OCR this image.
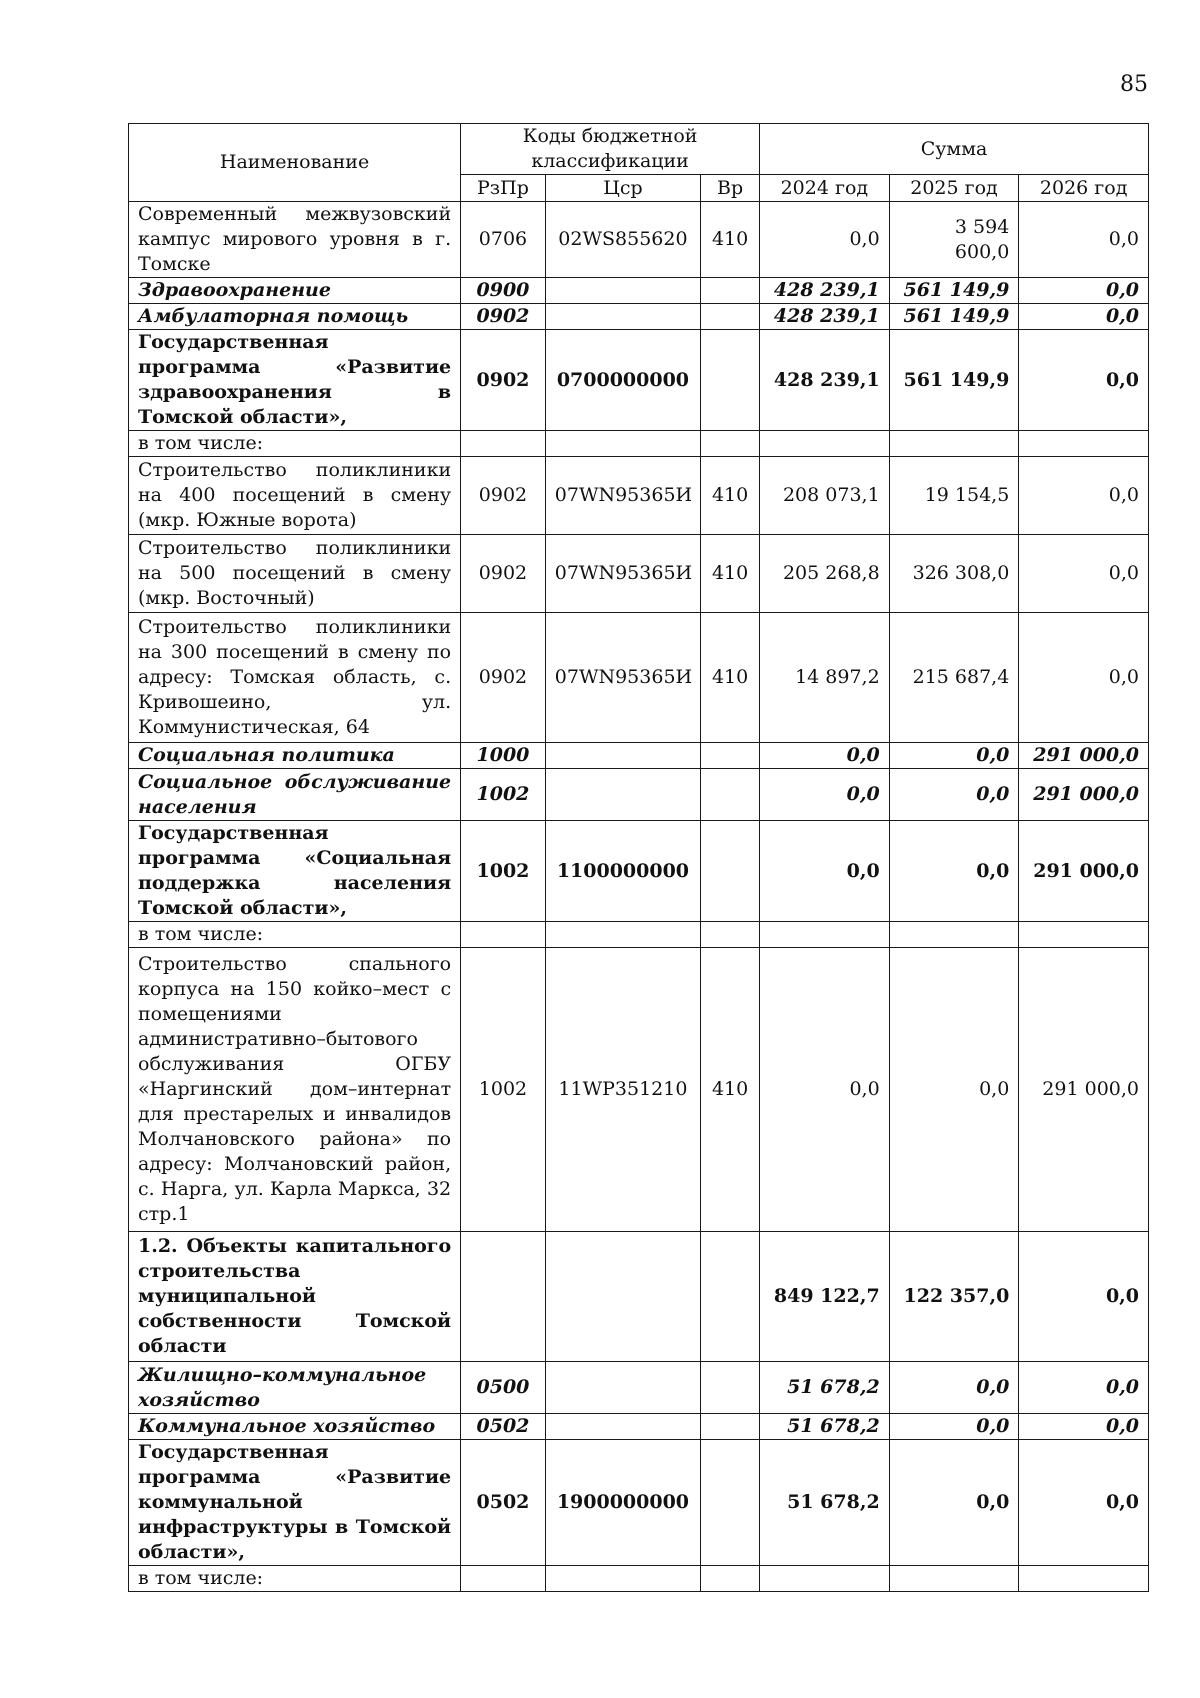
85
Наименование	Коды бюджетной классификации			Сумма		
	РзПр	Цср	Вр	2024 год	2025 год	2026 год
Современный межвузовский кампус мирового уровня в г. Томске	0706	02WS855620	410	0,0	3 594 600,0	0,0
Здравоохранение	0900			428 239,1	561 149,9	0,0
Амбулаторная помощь	0902			428 239,1	561 149,9	0,0
Государственная программа «Развитие здравоохранения в Томской области»,	0902	0700000000		428 239,1	561 149,9	0,0
в том числе:						
Строительство поликлиники на 400 посещений в смену (мкр. Южные ворота)	0902	07WN95365И	410	208 073,1	19 154,5	0,0
Строительство поликлиники на 500 посещений в смену (мкр. Восточный)	0902	07WN95365И	410	205 268,8	326 308,0	0,0
Строительство поликлиники на 300 посещений в смену по адресу: Томская область, с. Кривошеино, ул. Коммунистическая, 64	0902	07WN95365И	410	14 897,2	215 687,4	0,0
Социальная политика	1000			0,0	0,0	291 000,0
Социальное обслуживание населения	1002			0,0	0,0	291 000,0
Государственная программа «Социальная поддержка населения Томской области»,	1002	1100000000		0,0	0,0	291 000,0
в том числе:						
Строительство спального корпуса на 150 койко–мест с помещениями административно–бытового обслуживания ОГБУ «Наргинский дом–интернат для престарелых и инвалидов Молчановского района» по адресу: Молчановский район, с. Нарга, ул. Карла Маркса, 32 стр.1	1002	11WP351210	410	0,0	0,0	291 000,0
1.2. Объекты капитального строительства муниципальной собственности Томской области				849 122,7	122 357,0	0,0
Жилищно–коммунальное хозяйство	0500			51 678,2	0,0	0,0
Коммунальное хозяйство	0502			51 678,2	0,0	0,0
Государственная программа «Развитие коммунальной инфраструктуры в Томской области»,	0502	1900000000		51 678,2	0,0	0,0
в том числе:						
